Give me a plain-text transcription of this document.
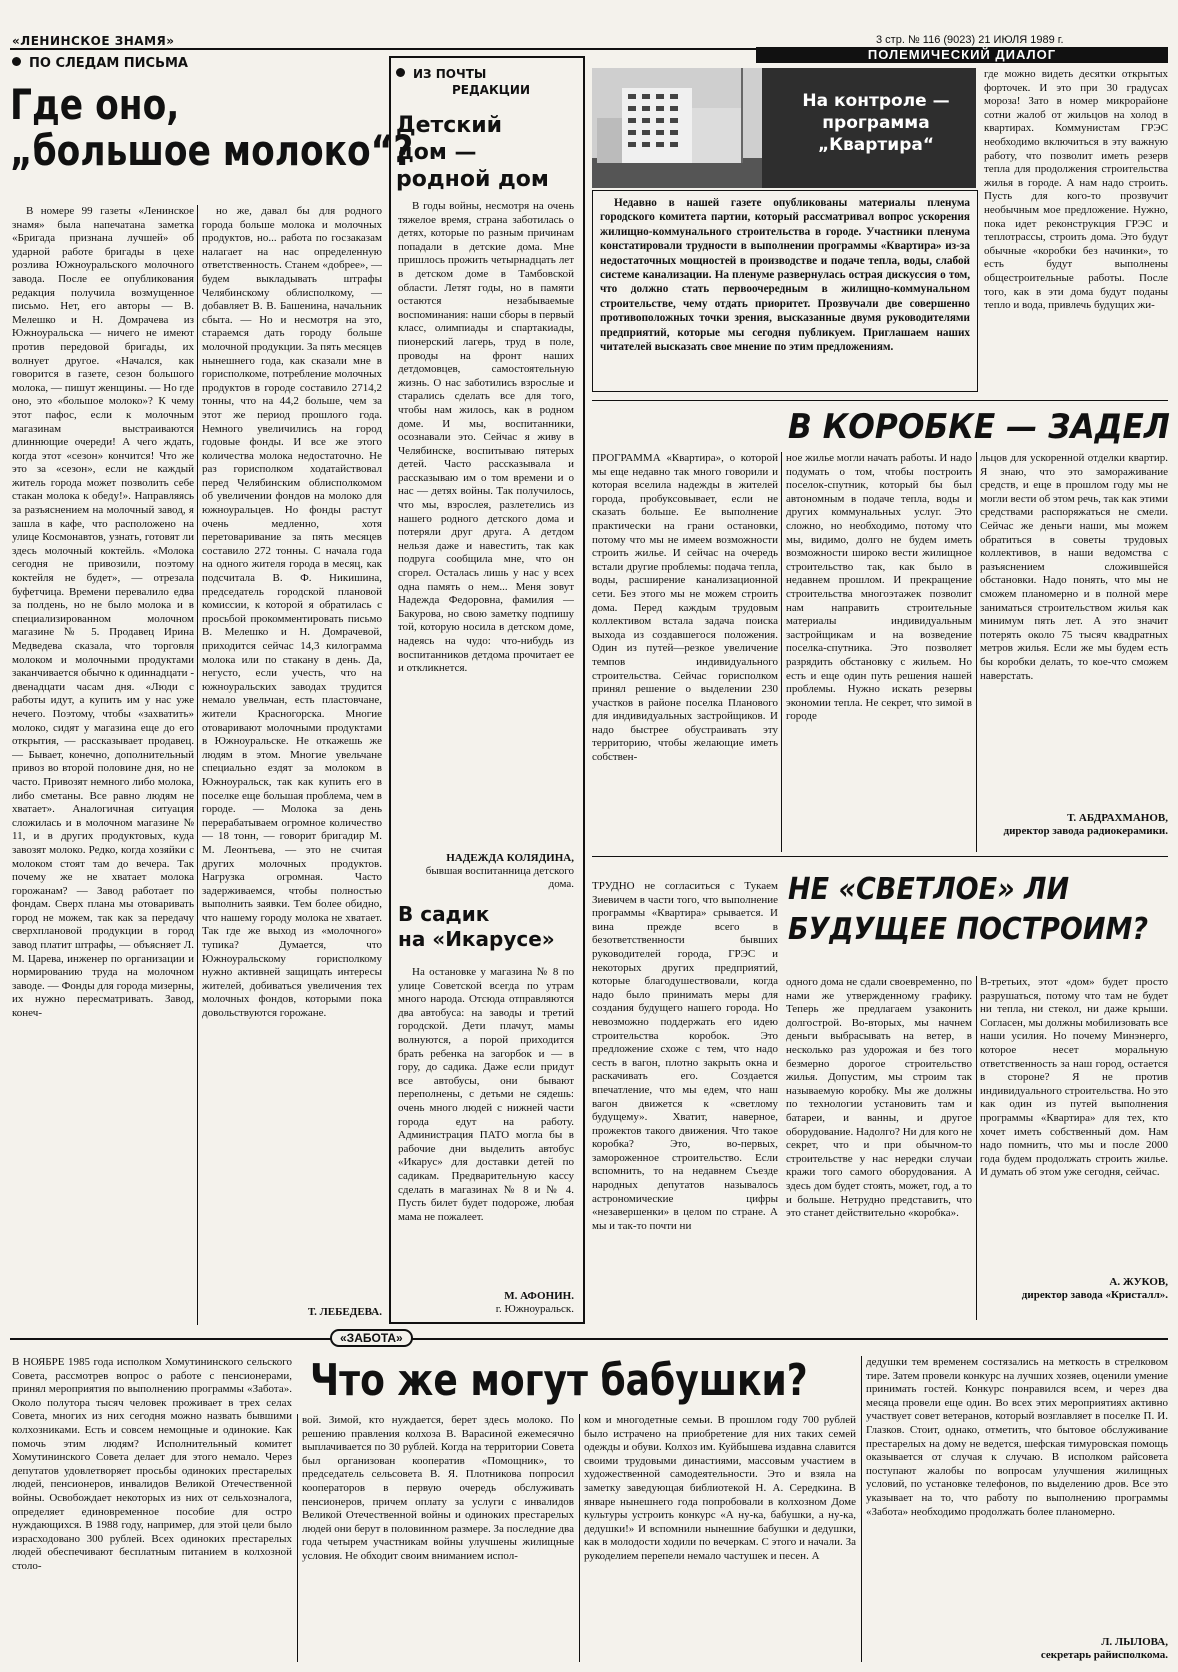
«ЛЕНИНСКОЕ ЗНАМЯ»	3 стр. № 116 (9023) 21 ИЮЛЯ 1989 г.
ПО СЛЕДАМ ПИСЬМА
Где оно,
„большое молоко“?

В номере 99 газеты «Ленинское знамя» была напечатана заметка «Бригада признана лучшей» об ударной работе бригады в цехе розлива Южноуральского молочного завода. После ее опубликования редакция получила возмущенное письмо. Нет, его авторы — В. Мелешко и Н. Домрачева из Южноуральска — ничего не имеют против передовой бригады, их волнует другое. «Начался, как говорится в газете, сезон большого молока, — пишут женщины. — Но где оно, это «большое молоко»? К чему этот пафос, если к молочным магазинам выстраиваются длиннющие очереди! А чего ждать, когда этот «сезон» кончится! Что же это за «сезон», если не каждый житель города может позволить себе стакан молока к обеду!». Направляясь за разъяснением на молочный завод, я зашла в кафе, что расположено на улице Космонавтов, узнать, готовят ли здесь молочный коктейль. «Молока сегодня не привозили, поэтому коктейля не будет», — отрезала буфетчица. Времени перевалило едва за полдень, но не было молока и в специализированном молочном магазине № 5. Продавец Ирина Медведева сказала, что торговля молоком и молочными продуктами заканчивается обычно к одиннадцати - двенадцати часам дня. «Люди с работы идут, а купить им у нас уже нечего. Поэтому, чтобы «захватить» молоко, сидят у магазина еще до его открытия, — рассказывает продавец. — Бывает, конечно, дополнительный привоз во второй половине дня, но не часто. Привозят немного либо молока, либо сметаны. Все равно людям не хватает». Аналогичная ситуация сложилась и в молочном магазине № 11, и в других продуктовых, куда завозят молоко. Редко, когда хозяйки с молоком стоят там до вечера. Так почему же не хватает молока горожанам? — Завод работает по фондам. Сверх плана мы отоваривать город не можем, так как за передачу сверхплановой продукции в город завод платит штрафы, — объясняет Л. М. Царева, инженер по организации и нормированию труда на молочном заводе. — Фонды для города мизерны, их нужно пересматривать. Завод, конеч-

но же, давал бы для родного города больше молока и молочных продуктов, но... работа по госзаказам налагает на нас определенную ответственность. Станем «добрее», — будем выкладывать штрафы Челябинскому облисполкому, — добавляет В. В. Башенина, начальник сбыта. — Но и несмотря на это, стараемся дать городу больше молочной продукции. За пять месяцев нынешнего года, как сказали мне в горисполкоме, потребление молочных продуктов в городе составило 2714,2 тонны, что на 44,2 больше, чем за этот же период прошлого года. Немного увеличились на город годовые фонды. И все же этого количества молока недостаточно. Не раз горисполком ходатайствовал перед Челябинским облисполкомом об увеличении фондов на молоко для южноуральцев. Но фонды растут очень медленно, хотя перетоваривание за пять месяцев составило 272 тонны. С начала года на одного жителя города в месяц, как подсчитала В. Ф. Никишина, председатель городской плановой комиссии, к которой я обратилась с просьбой прокомментировать письмо В. Мелешко и Н. Домрачевой, приходится сейчас 14,3 килограмма молока или по стакану в день. Да, негусто, если учесть, что на южноуральских заводах трудится немало увельчан, есть пластовчане, жители Красногорска. Многие отоваривают молочными продуктами в Южноуральске. Не откажешь же людям в этом. Многие увельчане специально ездят за молоком в Южноуральск, так как купить его в поселке еще большая проблема, чем в городе. — Молока за день перерабатываем огромное количество — 18 тонн, — говорит бригадир М. М. Леонтьева, — это не считая других молочных продуктов. Нагрузка огромная. Часто задерживаемся, чтобы полностью выполнить заявки. Тем более обидно, что нашему городу молока не хватает. Так где же выход из «молочного» тупика? Думается, что Южноуральскому горисполкому нужно активней защищать интересы жителей, добиваться увеличения тех молочных фондов, которыми пока довольствуются горожане.

Т. ЛЕБЕДЕВА.
ИЗ ПОЧТЫ
РЕДАКЦИИ
Детский
дом —
родной дом

В годы войны, несмотря на очень тяжелое время, страна заботилась о детях, которые по разным причинам попадали в детские дома. Мне пришлось прожить четырнадцать лет в детском доме в Тамбовской области. Летят годы, но в памяти остаются незабываемые воспоминания: наши сборы в первый класс, олимпиады и спартакиады, пионерский лагерь, труд в поле, проводы на фронт наших детдомовцев, самостоятельную жизнь. О нас заботились взрослые и старались сделать все для того, чтобы нам жилось, как в родном доме. И мы, воспитанники, осознавали это. Сейчас я живу в Челябинске, воспитываю пятерых детей. Часто рассказывала и рассказываю им о том времени и о нас — детях войны. Так получилось, что мы, взрослея, разлетелись из нашего родного детского дома и потеряли друг друга. А детдом нельзя даже и навестить, так как подруга сообщила мне, что он сгорел. Осталась лишь у нас у всех одна память о нем... Меня зовут Надежда Федоровна, фамилия — Бакурова, но свою заметку подпишу той, которую носила в детском доме, надеясь на чудо: что-нибудь из воспитанников детдома прочитает ее и откликнется.

НАДЕЖДА КОЛЯДИНА,
бывшая воспитанница детского дома.
В садик
на «Икарусе»

На остановке у магазина № 8 по улице Советской всегда по утрам много народа. Отсюда отправляются два автобуса: на заводы и третий городской. Дети плачут, мамы волнуются, а порой приходится брать ребенка на загорбок и — в гору, до садика. Даже если придут все автобусы, они бывают переполнены, с детьми не сядешь: очень много людей с нижней части города едут на работу. Администрация ПАТО могла бы в рабочие дни выделить автобус «Икарус» для доставки детей по садикам. Предварительную кассу сделать в магазинах № 8 и № 4. Пусть билет будет подороже, любая мама не пожалеет.

М. АФОНИН.
г. Южноуральск.
ПОЛЕМИЧЕСКИЙ ДИАЛОГ
На контроле —
программа
„Квартира“

Недавно в нашей газете опубликованы материалы пленума городского комитета партии, который рассматривал вопрос ускорения жилищно-коммунального строительства в городе. Участники пленума констатировали трудности в выполнении программы «Квартира» из-за недостаточных мощностей в производстве и подаче тепла, воды, слабой системе канализации. На пленуме развернулась острая дискуссия о том, что должно стать первоочередным в жилищно-коммунальном строительстве, чему отдать приоритет. Прозвучали две совершенно противоположных точки зрения, высказанные двумя руководителями предприятий, которые мы сегодня публикуем. Приглашаем наших читателей высказать свое мнение по этим предложениям.

где можно видеть десятки открытых форточек. И это при 30 градусах мороза! Зато в номер микрорайоне сотни жалоб от жильцов на холод в квартирах. Коммунистам ГРЭС необходимо включиться в эту важную работу, что позволит иметь резерв тепла для продолжения строительства жилья в городе. А нам надо строить. Пусть для кого-то прозвучит необычным мое предложение. Нужно, пока идет реконструкция ГРЭС и теплотрассы, строить дома. Это будут обычные «коробки без начинки», то есть будут выполнены общестроительные работы. После того, как в эти дома будут поданы тепло и вода, привлечь будущих жи-

В КОРОБКЕ — ЗАДЕЛ

ПРОГРАММА «Квартира», о которой мы еще недавно так много говорили и которая вселила надежды в жителей города, пробуксовывает, если не сказать больше. Ее выполнение практически на грани остановки, потому что мы не имеем возможности строить жилье. И сейчас на очередь встали другие проблемы: подача тепла, воды, расширение канализационной сети. Без этого мы не можем строить дома. Перед каждым трудовым коллективом встала задача поиска выхода из создавшегося положения. Один из путей—резкое увеличение темпов индивидуального строительства. Сейчас горисполком принял решение о выделении 230 участков в районе поселка Планового для индивидуальных застройщиков. И надо быстрее обустраивать эту территорию, чтобы желающие иметь собствен-

ное жилье могли начать работы. И надо подумать о том, чтобы построить поселок-спутник, который бы был автономным в подаче тепла, воды и других коммунальных услуг. Это сложно, но необходимо, потому что мы, видимо, долго не будем иметь возможности широко вести жилищное строительство так, как было в недавнем прошлом. И прекращение строительства многоэтажек позволит нам направить строительные материалы индивидуальным застройщикам и на возведение поселка-спутника. Это позволяет разрядить обстановку с жильем. Но есть и еще один путь решения нашей проблемы. Нужно искать резервы экономии тепла. Не секрет, что зимой в городе

льцов для ускоренной отделки квартир. Я знаю, что это замораживание средств, и еще в прошлом году мы не могли вести об этом речь, так как этими средствами распоряжаться не смели. Сейчас же деньги наши, мы можем обратиться в советы трудовых коллективов, в наши ведомства с разъяснением сложившейся обстановки. Надо понять, что мы не сможем планомерно и в полной мере заниматься строительством жилья как минимум пять лет. А это значит потерять около 75 тысяч квадратных метров жилья. Если же мы будем есть бы коробки делать, то кое-что сможем наверстать.

Т. АБДРАХМАНОВ,
директор завода радиокерамики.
НЕ «СВЕТЛОЕ» ЛИ
БУДУЩЕЕ ПОСТРОИМ?

ТРУДНО не согласиться с Тукаем Зиевичем в части того, что выполнение программы «Квартира» срывается. И вина прежде всего в безответственности бывших руководителей города, ГРЭС и некоторых других предприятий, которые благодушествовали, когда надо было принимать меры для создания будущего нашего города. Но невозможно поддержать его идею строительства коробок. Это предложение схоже с тем, что надо сесть в вагон, плотно закрыть окна и раскачивать его. Создается впечатление, что мы едем, что наш вагон движется к «светлому будущему». Хватит, наверное, прожектов такого движения. Что такое коробка? Это, во-первых, замороженное строительство. Если вспомнить, то на недавнем Съезде народных депутатов называлось астрономические цифры «незавершенки» в целом по стране. А мы и так-то почти ни

одного дома не сдали своевременно, по нами же утвержденному графику. Теперь же предлагаем узаконить долгострой. Во-вторых, мы начнем деньги выбрасывать на ветер, в несколько раз удорожая и без того безмерно дорогое строительство жилья. Допустим, мы строим так называемую коробку. Мы же должны по технологии установить там и батареи, и ванны, и другое оборудование. Надолго? Ни для кого не секрет, что и при обычном-то строительстве у нас нередки случаи кражи того самого оборудования. А здесь дом будет стоять, может, год, а то и больше. Нетрудно представить, что это станет действительно «коробка».

В-третьих, этот «дом» будет просто разрушаться, потому что там не будет ни тепла, ни стекол, ни даже крыши. Согласен, мы должны мобилизовать все наши усилия. Но почему Минэнерго, которое несет моральную ответственность за наш город, остается в стороне? Я не против индивидуального строительства. Но это как один из путей выполнения программы «Квартира» для тех, кто хочет иметь собственный дом. Нам надо помнить, что мы и после 2000 года будем продолжать строить жилье. И думать об этом уже сегодня, сейчас.

А. ЖУКОВ,
директор завода «Кристалл».
«ЗАБОТА»
Что же могут бабушки?

В НОЯБРЕ 1985 года исполком Хомутининского сельского Совета, рассмотрев вопрос о работе с пенсионерами, принял мероприятия по выполнению программы «Забота». Около полутора тысяч человек проживает в трех селах Совета, многих из них сегодня можно назвать бывшими колхозниками. Есть и совсем немощные и одинокие. Как помочь этим людям? Исполнительный комитет Хомутининского Совета делает для этого немало. Через депутатов удовлетворяет просьбы одиноких престарелых людей, пенсионеров, инвалидов Великой Отечественной войны. Освобождает некоторых из них от сельхозналога, определяет единовременное пособие для остро нуждающихся. В 1988 году, например, для этой цели было израсходовано 300 рублей. Всех одиноких престарелых людей обеспечивают бесплатным питанием в колхозной столо-

вой. Зимой, кто нуждается, берет здесь молоко. По решению правления колхоза В. Варасиной ежемесячно выплачивается по 30 рублей. Когда на территории Совета был организован кооператив «Помощник», то председатель сельсовета В. Я. Плотникова попросил кооператоров в первую очередь обслуживать пенсионеров, причем оплату за услуги с инвалидов Великой Отечественной войны и одиноких престарелых людей они берут в половинном размере. За последние два года четырем участникам войны улучшены жилищные условия. Не обходит своим вниманием испол-

ком и многодетные семьи. В прошлом году 700 рублей было истрачено на приобретение для них таких семей одежды и обуви. Колхоз им. Куйбышева издавна славится своими трудовыми династиями, массовым участием в художественной самодеятельности. Это и взяла на заметку заведующая библиотекой Н. А. Середкина. В январе нынешнего года попробовали в колхозном Доме культуры устроить конкурс «А ну-ка, бабушки, а ну-ка, дедушки!» И вспомнили нынешние бабушки и дедушки, как в молодости ходили по вечеркам. С этого и начали. За рукоделием перепели немало частушек и песен. А

дедушки тем временем состязались на меткость в стрелковом тире. Затем провели конкурс на лучших хозяев, оценили умение принимать гостей. Конкурс понравился всем, и через два месяца провели еще один. Во всех этих мероприятиях активно участвует совет ветеранов, который возглавляет в поселке П. И. Глазков. Стоит, однако, отметить, что бытовое обслуживание престарелых на дому не ведется, шефская тимуровская помощь оказывается от случая к случаю. В исполком райсовета поступают жалобы по вопросам улучшения жилищных условий, по установке телефонов, по выделению дров. Все это указывает на то, что работу по выполнению программы «Забота» необходимо продолжать более планомерно.

Л. ЛЫЛОВА,
секретарь райисполкома.
